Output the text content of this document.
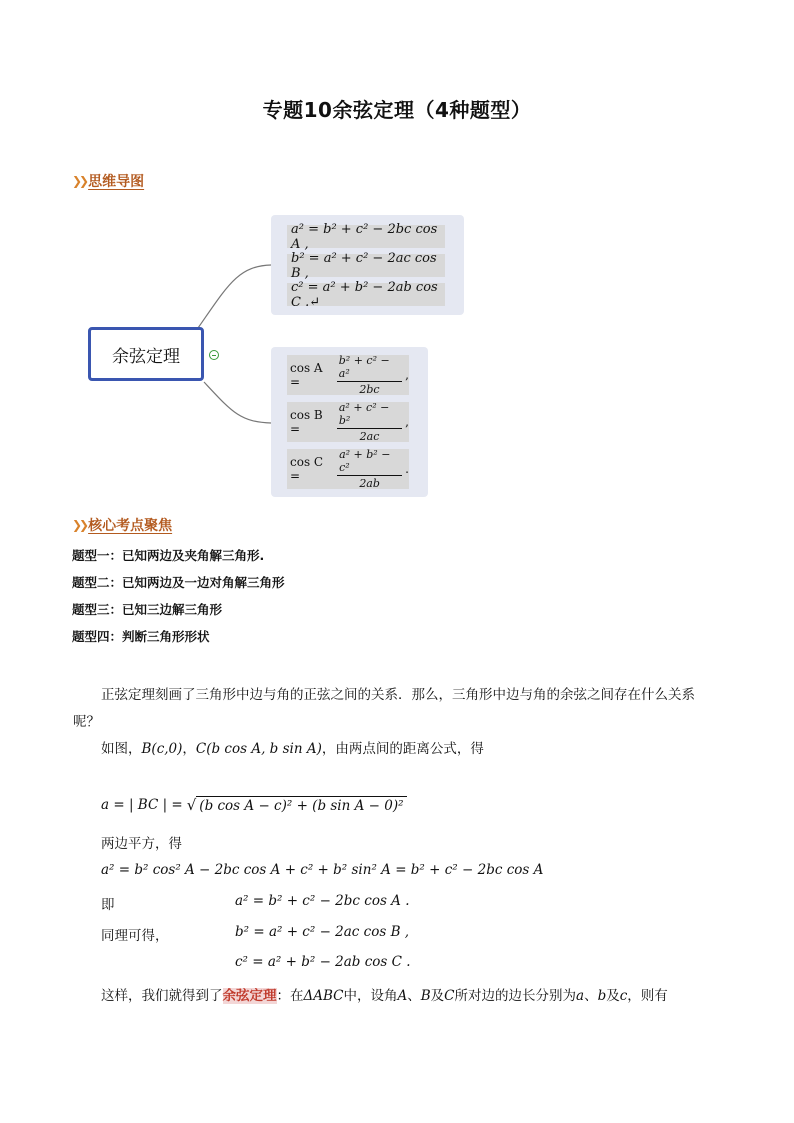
专题10余弦定理（4种题型）
❯❯ 思维导图
余弦定理
a² = b² + c² − 2bc cos A ,
b² = a² + c² − 2ac cos B ,
c² = a² + b² − 2ab cos C .↵
cos A =	$\frac{\text{b² + c² − a²}}{2bc}$ ,
cos B =	$\frac{\text{a² + c² − b²}}{2ac}$ ,
cos C =	$\frac{\text{a² + b² − c²}}{2ab}$ .
❯❯ 核心考点聚焦
题型一：已知两边及夹角解三角形.
题型二：已知两边及一边对角解三角形
题型三：已知三边解三角形
题型四：判断三角形形状
正弦定理刻画了三角形中边与角的正弦之间的关系．那么，三角形中边与角的余弦之间存在什么关系
呢？
如图，B(c,0)，C(b cos A, b sin A)，由两点间的距离公式，得
a = | BC | = √ (b cos A − c)² + (b sin A − 0)²
两边平方，得
a² = b² cos² A − 2bc cos A + c² + b² sin² A = b² + c² − 2bc cos A
即	a² = b² + c² − 2bc cos A .
同理可得，	b² = a² + c² − 2ac cos B ,
c² = a² + b² − 2ab cos C .
这样，我们就得到了余弦定理：在ΔABC中，设角A、B及C所对边的边长分别为a、b及c，则有
